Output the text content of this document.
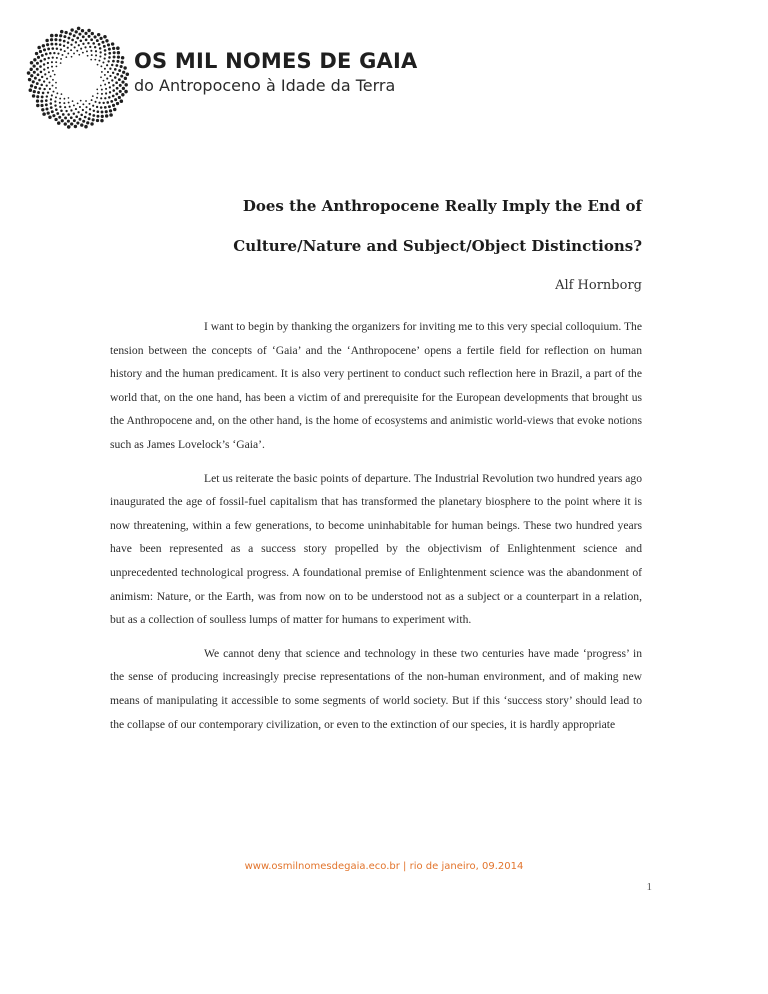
OS MIL NOMES DE GAIA
do Antropoceno à Idade da Terra
Does the Anthropocene Really Imply the End of Culture/Nature and Subject/Object Distinctions?
Alf Hornborg

I want to begin by thanking the organizers for inviting me to this very special colloquium. The tension between the concepts of ‘Gaia’ and the ‘Anthropocene’ opens a fertile field for reflection on human history and the human predicament. It is also very pertinent to conduct such reflection here in Brazil, a part of the world that, on the one hand, has been a victim of and prerequisite for the European developments that brought us the Anthropocene and, on the other hand, is the home of ecosystems and animistic world-views that evoke notions such as James Lovelock’s ‘Gaia’.

Let us reiterate the basic points of departure. The Industrial Revolution two hundred years ago inaugurated the age of fossil-fuel capitalism that has transformed the planetary biosphere to the point where it is now threatening, within a few generations, to become uninhabitable for human beings. These two hundred years have been represented as a success story propelled by the objectivism of Enlightenment science and unprecedented technological progress. A foundational premise of Enlightenment science was the abandonment of animism: Nature, or the Earth, was from now on to be understood not as a subject or a counterpart in a relation, but as a collection of soulless lumps of matter for humans to experiment with.

We cannot deny that science and technology in these two centuries have made ‘progress’ in the sense of producing increasingly precise representations of the non-human environment, and of making new means of manipulating it accessible to some segments of world society. But if this ‘success story’ should lead to the collapse of our contemporary civilization, or even to the extinction of our species, it is hardly appropriate

www.osmilnomesdegaia.eco.br | rio de janeiro, 09.2014
1
